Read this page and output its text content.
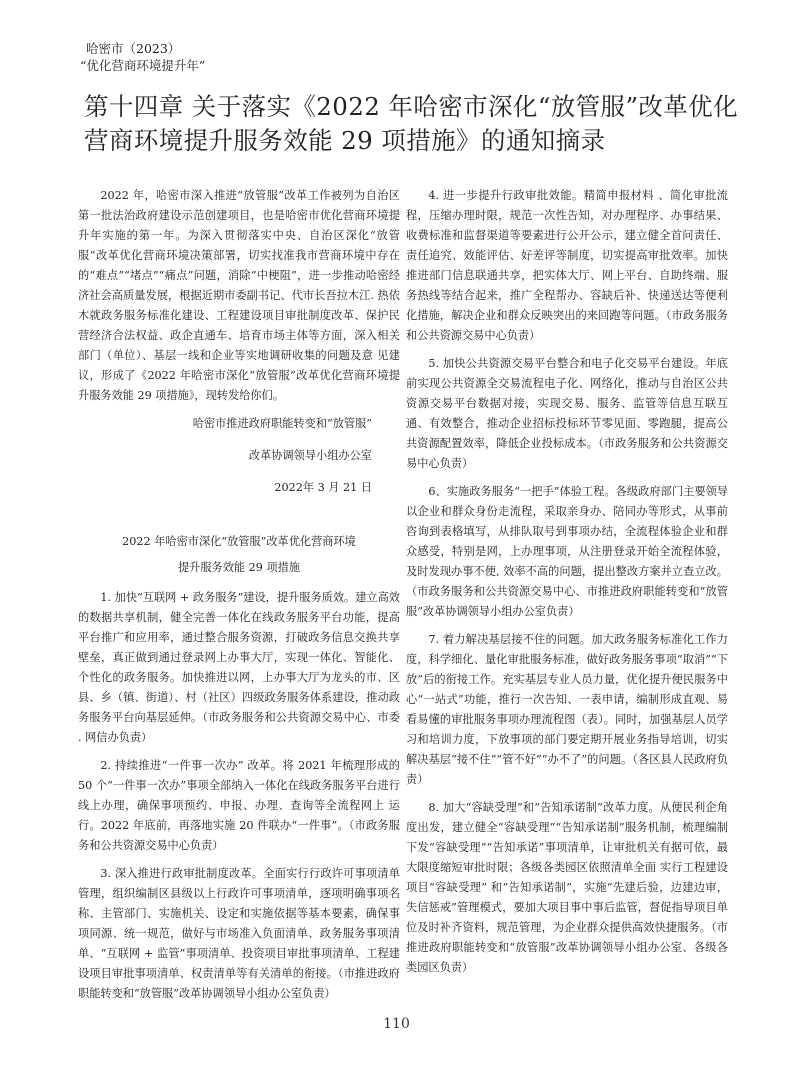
哈密市（2023）
“优化营商环境提升年”
第十四章 关于落实《2022 年哈密市深化“放管服”改革优化营商环境提升服务效能 29 项措施》的通知摘录

2022 年，哈密市深入推进“放管服”改革工作被列为自治区第一批法治政府建设示范创建项目，也是哈密市优化营商环境提升年实施的第一年。为深入贯彻落实中央、自治区深化“放管服”改革优化营商环境决策部署，切实找准我市营商环境中存在的“难点”“堵点”“痛点”问题，消除“中梗阻”，进一步推动哈密经济社会高质量发展，根据近期市委副书记、代市长吾拉木江. 热依木就政务服务标准化建设、工程建设项目审批制度改革、保护民营经济合法权益、政企直通车、培育市场主体等方面，深入相关部门（单位）、基层一线和企业等实地调研收集的问题及意 见建议，形成了《2022 年哈密市深化“放管服”改革优化营商环境提升服务效能 29 项措施》，现转发给你们。

哈密市推进政府职能转变和“放管服”

改革协调领导小组办公室

2022年 3 月 21 日

2022 年哈密市深化“放管服”改革优化营商环境

提升服务效能 29 项措施

1. 加快“互联网 + 政务服务”建设，提升服务质效。建立高效的数据共享机制，健全完善一体化在线政务服务平台功能，提高平台推广和应用率，通过整合服务资源，打破政务信息交换共享壁垒，真正做到通过登录网上办事大厅，实现一体化、智能化、个性化的政务服务。加快推进以网，上办事大厅为龙头的市、区县、乡（镇、街道）、村（社区）四级政务服务体系建设，推动政务服务平台向基层延伸。（市政务服务和公共资源交易中心、市委 . 网信办负责）

2. 持续推进“一件事一次办” 改革。将 2021 年梳理形成的 50 个“一件事一次办”事项全部纳入一体化在线政务服务平台进行线上办理，确保事项预约、申报、办理、查询等全流程网上 运行。2022 年底前，再落地实施 20 件联办“一件事”。（市政务服务和公共资源交易中心负责）

3. 深入推进行政审批制度改革。全面实行行政许可事项清单管理，组织编制区县级以上行政许可事项清单，逐项明确事项名称、主管部门、实施机关、设定和实施依据等基本要素，确保事项同源、统一规范，做好与市场准入负面清单、政务服务事项清单、“互联网 + 监管”事项清单、投资项目审批事项清单、工程建设项目审批事项清单、权责清单等有关清单的衔接。（市推进政府职能转变和“放管服”改革协调领导小组办公室负责）

4. 进一步提升行政审批效能。精简申报材料 、简化审批流程，压缩办理时限，规范一次性告知，对办理程序、办事结果、收费标准和监督渠道等要素进行公开公示，建立健全首问责任、责任追究、效能评估、好差评等制度，切实提高审批效率。加快推进部门信息联通共享，把实体大厅、网上平台、自助终端、服务热线等结合起来，推广全程帮办、容缺后补、快递送达等便利化措施，解决企业和群众反映突出的来回跑等问题。（市政务服务和公共资源交易中心负责）

5. 加快公共资源交易平台整合和电子化交易平台建设。年底前实现公共资源全交易流程电子化、网络化，推动与自治区公共资源交易平台数据对接，实现交易、服务、监管等信息互联互通、有效整合，推动企业招标投标环节零见面、零跑腿，提高公共资源配置效率，降低企业投标成本。（市政务服务和公共资源交易中心负责）

6、实施政务服务“一把手”体验工程。各级政府部门主要领导以企业和群众身份走流程，采取亲身办、陪同办等形式，从事前咨询到表格填写，从排队取号到事项办结，全流程体验企业和群众感受，特别是网，上办理事项，从注册登录开始全流程体验，及时发现办事不便, 效率不高的问题，提出整改方案并立查立改。（市政务服务和公共资源交易中心、市推进政府职能转变和“放管服”改革协调领导小组办公室负责）

7. 着力解决基层接不住的问题。加大政务服务标准化工作力度，科学细化、量化审批服务标准，做好政务服务事项“取消”“下放”后的衔接工作。充实基层专业人员力量，优化提升便民服务中心“一站式”功能，推行一次告知、一表申请，编制形成直观、易看易懂的审批服务事项办理流程图（表）。同时，加强基层人员学习和培训力度，下放事项的部门要定期开展业务指导培训，切实解决基层“接不住”“管不好”“办不了”的问题。（各区县人民政府负责）

8. 加大“容缺受理”和“告知承诺制”改革力度。从便民利企角度出发，建立健全“容缺受理”“告知承诺制”服务机制，梳理编制下发“容缺受理”“告知承诺”事项清单，让审批机关有据可依，最大限度缩短审批时限；各级各类园区依照清单全面 实行工程建设项目“容缺受理” 和“告知承诺制”，实施“先建后验，边建边审，失信惩戒”管理模式，要加大项目事中事后监管，督促指导项目单位及时补齐资料，规范管理，为企业群众提供高效快捷服务。（市推进政府职能转变和“放管服”改革协调领导小组办公室、各级各类园区负责）

110
